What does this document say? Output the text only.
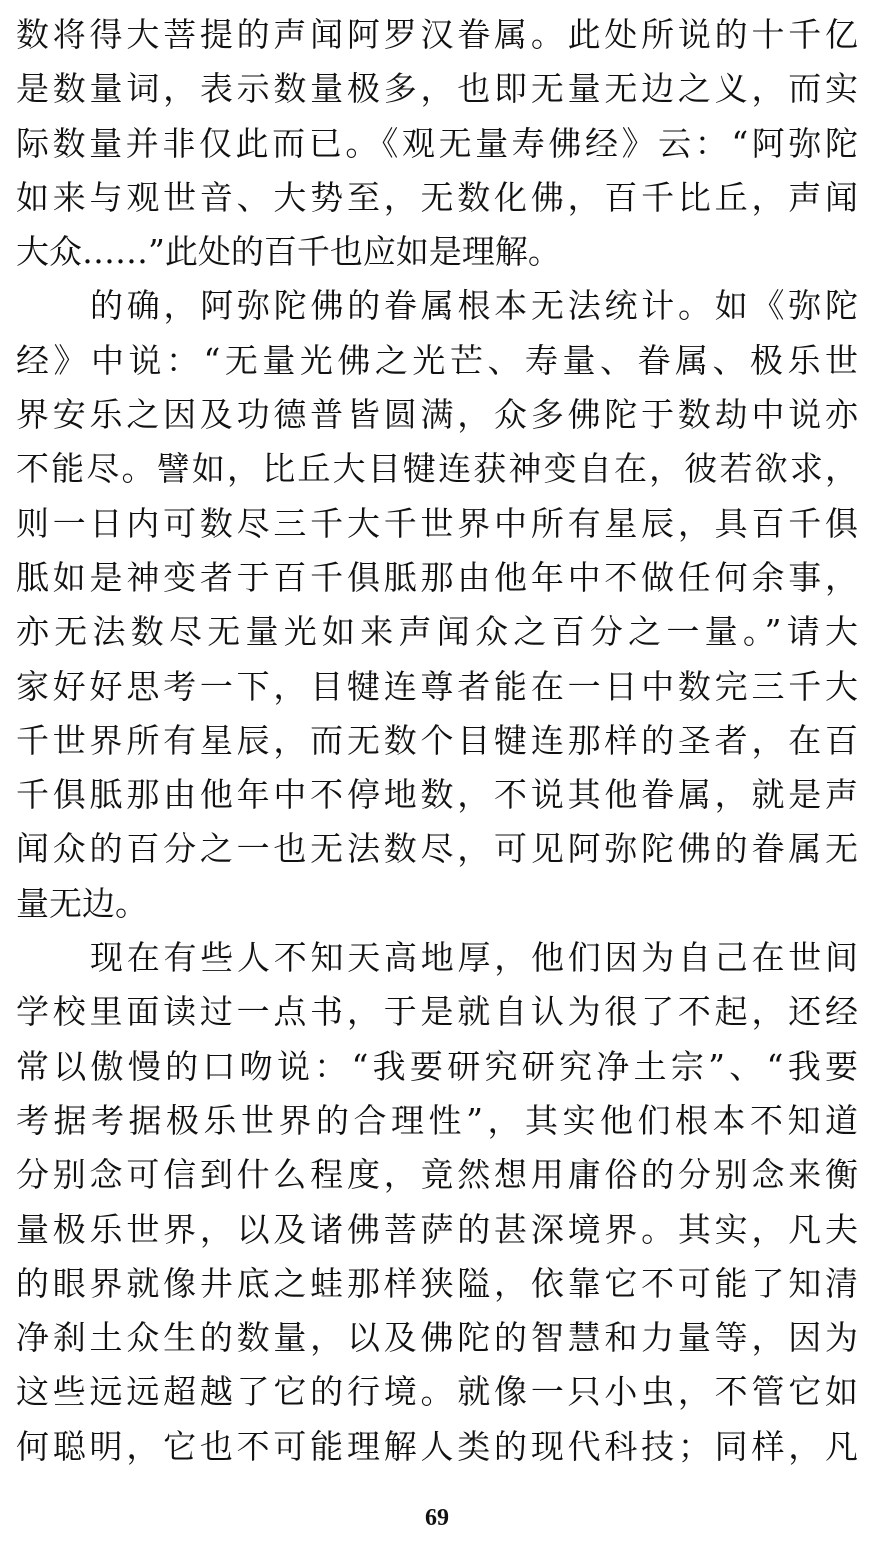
数将得大菩提的声闻阿罗汉眷属。此处所说的十千亿
是数量词，表示数量极多，也即无量无边之义，而实
际数量并非仅此而已。《观无量寿佛经》云：“阿弥陀
如来与观世音、大势至，无数化佛，百千比丘，声闻
大众……”此处的百千也应如是理解。
的确，阿弥陀佛的眷属根本无法统计。如《弥陀
经》中说：“无量光佛之光芒、寿量、眷属、极乐世
界安乐之因及功德普皆圆满，众多佛陀于数劫中说亦
不能尽。譬如，比丘大目犍连获神变自在，彼若欲求，
则一日内可数尽三千大千世界中所有星辰，具百千俱
胝如是神变者于百千俱胝那由他年中不做任何余事，
亦无法数尽无量光如来声闻众之百分之一量。”请大
家好好思考一下，目犍连尊者能在一日中数完三千大
千世界所有星辰，而无数个目犍连那样的圣者，在百
千俱胝那由他年中不停地数，不说其他眷属，就是声
闻众的百分之一也无法数尽，可见阿弥陀佛的眷属无
量无边。
现在有些人不知天高地厚，他们因为自己在世间
学校里面读过一点书，于是就自认为很了不起，还经
常以傲慢的口吻说：“我要研究研究净土宗”、“我要
考据考据极乐世界的合理性”，其实他们根本不知道
分别念可信到什么程度，竟然想用庸俗的分别念来衡
量极乐世界，以及诸佛菩萨的甚深境界。其实，凡夫
的眼界就像井底之蛙那样狭隘，依靠它不可能了知清
净刹土众生的数量，以及佛陀的智慧和力量等，因为
这些远远超越了它的行境。就像一只小虫，不管它如
何聪明，它也不可能理解人类的现代科技；同样，凡
69
